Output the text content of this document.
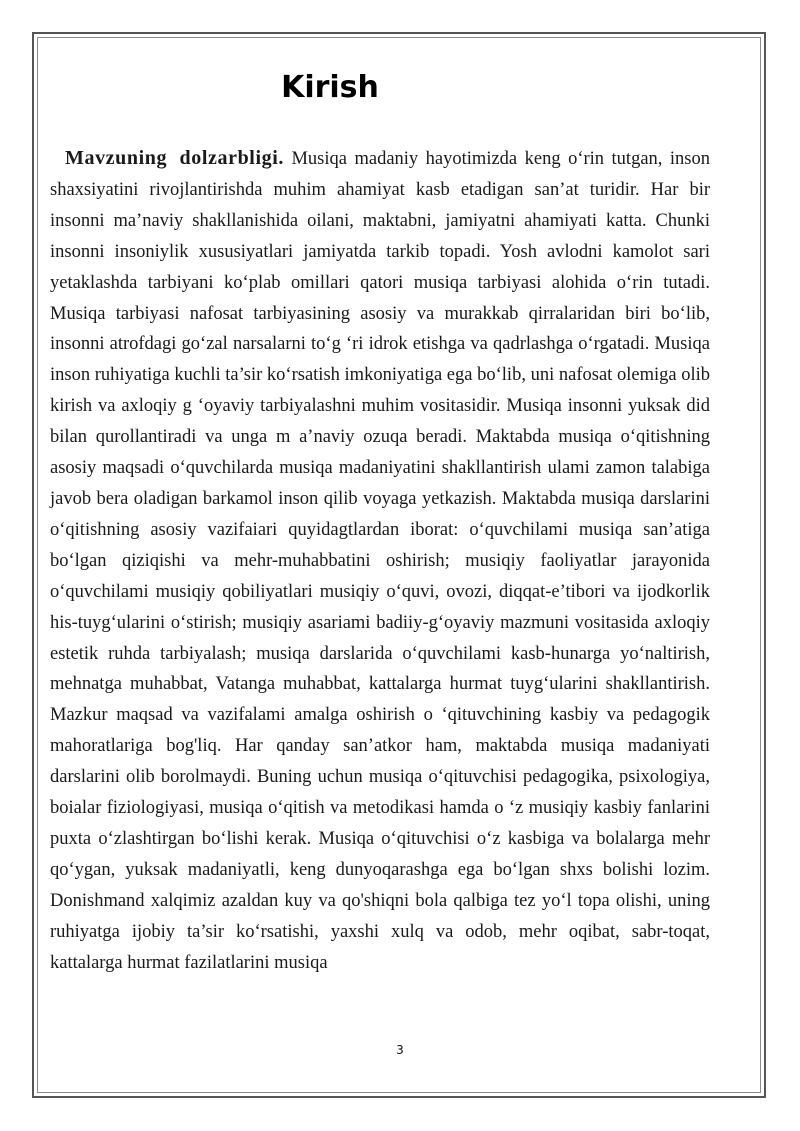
Kirish

Mavzuning dolzarbligi. Musiqa madaniy hayotimizda keng o‘rin tutgan, inson shaxsiyatini rivojlantirishda muhim ahamiyat kasb etadigan san’at turidir. Har bir insonni ma’naviy shakllanishida oilani, maktabni, jamiyatni ahamiyati katta. Chunki insonni insoniylik xususiyatlari jamiyatda tarkib topadi. Yosh avlodni kamolot sari yetaklashda tarbiyani ko‘plab omillari qatori musiqa tarbiyasi alohida o‘rin tutadi. Musiqa tarbiyasi nafosat tarbiyasining asosiy va murakkab qirralaridan biri bo‘lib, insonni atrofdagi go‘zal narsalarni to‘g ‘ri idrok etishga va qadrlashga o‘rgatadi. Musiqa inson ruhiyatiga kuchli ta’sir ko‘rsatish imkoniyatiga ega bo‘lib, uni nafosat olemiga olib kirish va axloqiy g ‘oyaviy tarbiyalashni muhim vositasidir. Musiqa insonni yuksak did bilan qurollantiradi va unga m a’naviy ozuqa beradi. Maktabda musiqa o‘qitishning asosiy maqsadi o‘quvchilarda musiqa madaniyatini shakllantirish ulami zamon talabiga javob bera oladigan barkamol inson qilib voyaga yetkazish. Maktabda musiqa darslarini o‘qitishning asosiy vazifaiari quyidagtlardan iborat: o‘quvchilami musiqa san’atiga bo‘lgan qiziqishi va mehr-muhabbatini oshirish; musiqiy faoliyatlar jarayonida o‘quvchilami musiqiy qobiliyatlari musiqiy o‘quvi, ovozi, diqqat-e’tibori va ijodkorlik his-tuyg‘ularini o‘stirish; musiqiy asariami badiiy-g‘oyaviy mazmuni vositasida axloqiy estetik ruhda tarbiyalash; musiqa darslarida o‘quvchilami kasb-hunarga yo‘naltirish, mehnatga muhabbat, Vatanga muhabbat, kattalarga hurmat tuyg‘ularini shakllantirish. Mazkur maqsad va vazifalami amalga oshirish o ‘qituvchining kasbiy va pedagogik mahoratlariga bog'liq. Har qanday san’atkor ham, maktabda musiqa madaniyati darslarini olib borolmaydi. Buning uchun musiqa o‘qituvchisi pedagogika, psixologiya, boialar fiziologiyasi, musiqa o‘qitish va metodikasi hamda o ‘z musiqiy kasbiy fanlarini puxta o‘zlashtirgan bo‘lishi kerak. Musiqa o‘qituvchisi o‘z kasbiga va bolalarga mehr qo‘ygan, yuksak madaniyatli, keng dunyoqarashga ega bo‘lgan shxs bolishi lozim. Donishmand xalqimiz azaldan kuy va qo'shiqni bola qalbiga tez yo‘l topa olishi, uning ruhiyatga ijobiy ta’sir ko‘rsatishi, yaxshi xulq va odob, mehr oqibat, sabr-toqat, kattalarga hurmat fazilatlarini musiqa

3
